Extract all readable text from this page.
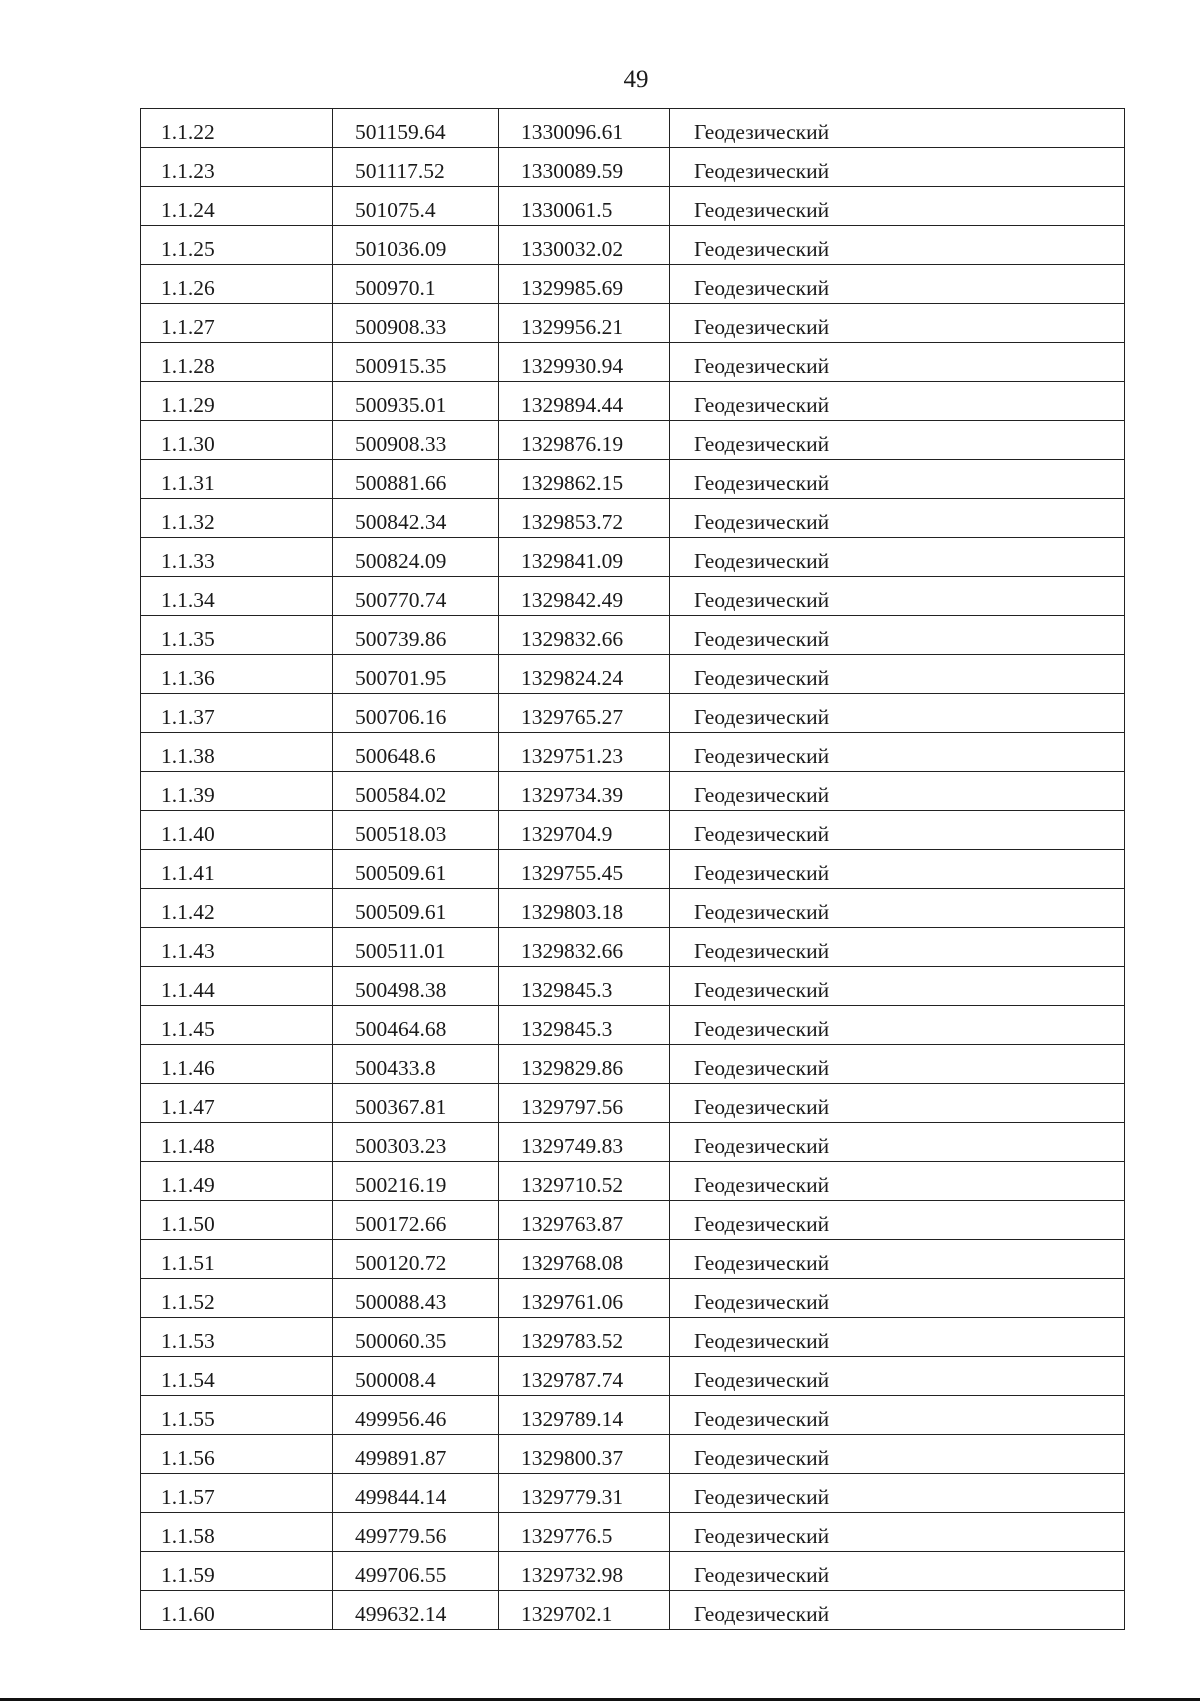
49
1.1.22	501159.64	1330096.61	Геодезический
1.1.23	501117.52	1330089.59	Геодезический
1.1.24	501075.4	1330061.5	Геодезический
1.1.25	501036.09	1330032.02	Геодезический
1.1.26	500970.1	1329985.69	Геодезический
1.1.27	500908.33	1329956.21	Геодезический
1.1.28	500915.35	1329930.94	Геодезический
1.1.29	500935.01	1329894.44	Геодезический
1.1.30	500908.33	1329876.19	Геодезический
1.1.31	500881.66	1329862.15	Геодезический
1.1.32	500842.34	1329853.72	Геодезический
1.1.33	500824.09	1329841.09	Геодезический
1.1.34	500770.74	1329842.49	Геодезический
1.1.35	500739.86	1329832.66	Геодезический
1.1.36	500701.95	1329824.24	Геодезический
1.1.37	500706.16	1329765.27	Геодезический
1.1.38	500648.6	1329751.23	Геодезический
1.1.39	500584.02	1329734.39	Геодезический
1.1.40	500518.03	1329704.9	Геодезический
1.1.41	500509.61	1329755.45	Геодезический
1.1.42	500509.61	1329803.18	Геодезический
1.1.43	500511.01	1329832.66	Геодезический
1.1.44	500498.38	1329845.3	Геодезический
1.1.45	500464.68	1329845.3	Геодезический
1.1.46	500433.8	1329829.86	Геодезический
1.1.47	500367.81	1329797.56	Геодезический
1.1.48	500303.23	1329749.83	Геодезический
1.1.49	500216.19	1329710.52	Геодезический
1.1.50	500172.66	1329763.87	Геодезический
1.1.51	500120.72	1329768.08	Геодезический
1.1.52	500088.43	1329761.06	Геодезический
1.1.53	500060.35	1329783.52	Геодезический
1.1.54	500008.4	1329787.74	Геодезический
1.1.55	499956.46	1329789.14	Геодезический
1.1.56	499891.87	1329800.37	Геодезический
1.1.57	499844.14	1329779.31	Геодезический
1.1.58	499779.56	1329776.5	Геодезический
1.1.59	499706.55	1329732.98	Геодезический
1.1.60	499632.14	1329702.1	Геодезический
